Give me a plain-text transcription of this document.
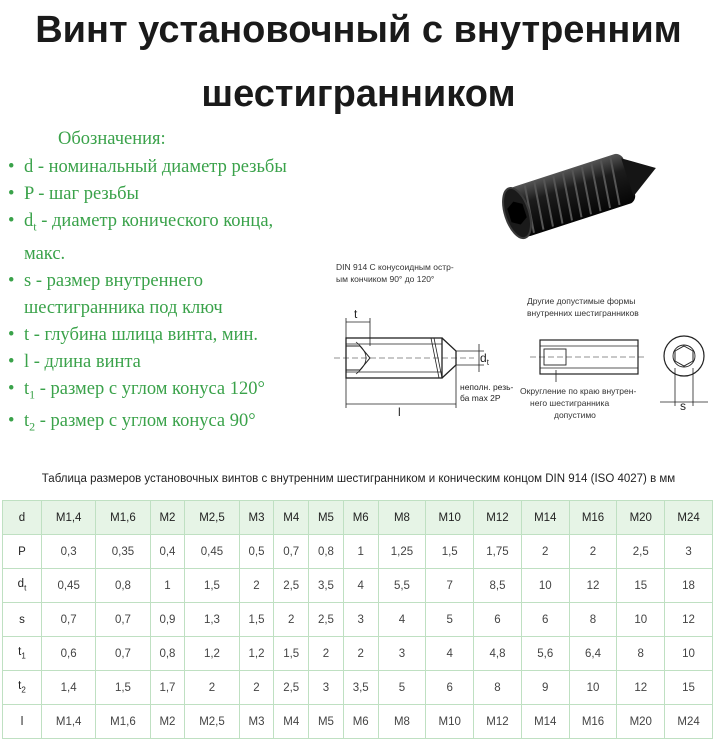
Винт установочный с внутренним
шестигранником
Обозначения:
• d - номинальный диаметр резьбы
• P - шаг резьбы
• $d_t$ - диаметр конического конца, макс.
• s - размер внутреннего шестигранника под ключ
• t - глубина шлица винта, мин.
• l - длина винта
• $t_1$ - размер с углом конуса 120°
• $t_2$ - размер с углом конуса 90°
DIN 914 С конусоидным остр-
ым кончиком 90° до 120°
Другие допустимые формы
внутренних шестигранников
t
$d_t$
l
неполн. резь-
ба max 2P
Округление по краю внутрен-
него шестигранника
допустимо
s
Таблица размеров установочных винтов с внутренним шестигранником и коническим концом DIN 914 (ISO 4027) в мм
d	M1,4	M1,6	M2	M2,5	M3	M4	M5	M6	M8	M10	M12	M14	M16	M20	M24
P	0,3	0,35	0,4	0,45	0,5	0,7	0,8	1	1,25	1,5	1,75	2	2	2,5	3
$d_t$	0,45	0,8	1	1,5	2	2,5	3,5	4	5,5	7	8,5	10	12	15	18
s	0,7	0,7	0,9	1,3	1,5	2	2,5	3	4	5	6	6	8	10	12
$t_1$	0,6	0,7	0,8	1,2	1,2	1,5	2	2	3	4	4,8	5,6	6,4	8	10
$t_2$	1,4	1,5	1,7	2	2	2,5	3	3,5	5	6	8	9	10	12	15
l	M1,4	M1,6	M2	M2,5	M3	M4	M5	M6	M8	M10	M12	M14	M16	M20	M24
